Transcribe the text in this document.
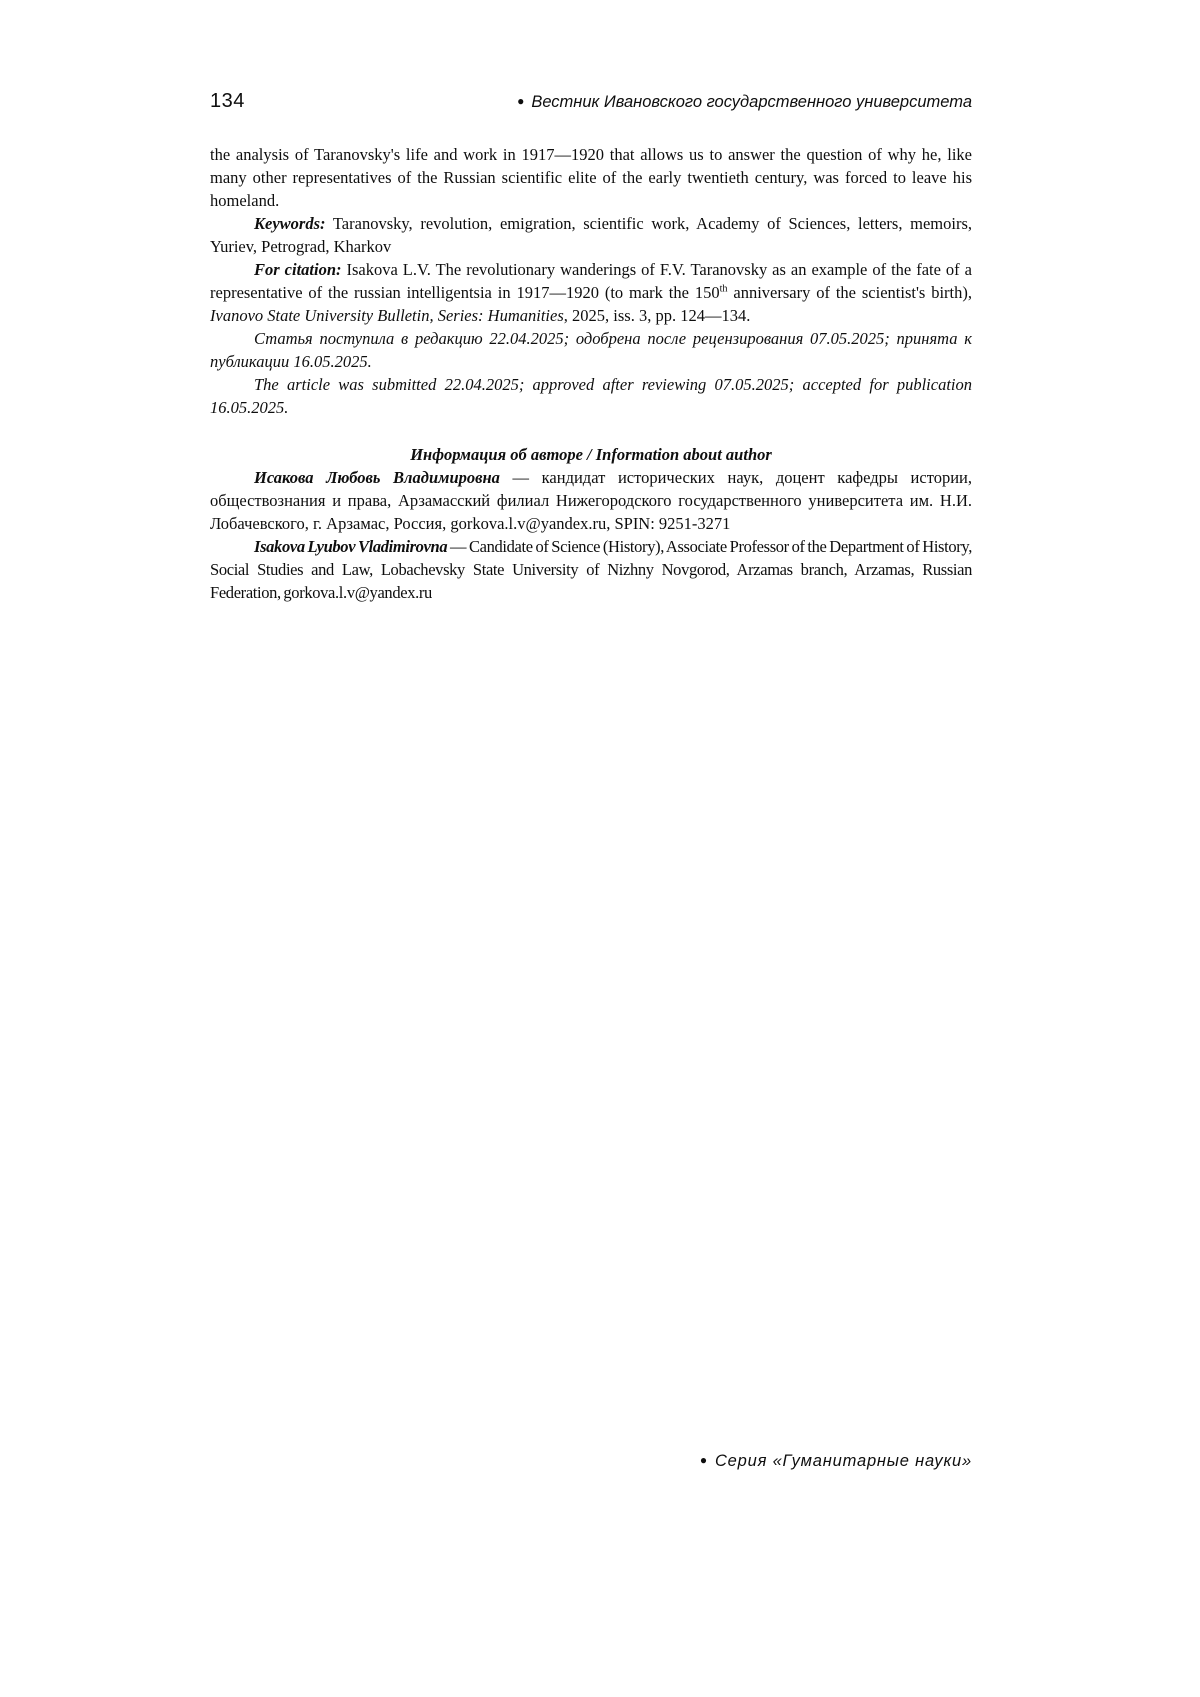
134	● Вестник Ивановского государственного университета

the analysis of Taranovsky's life and work in 1917—1920 that allows us to answer the question of why he, like many other representatives of the Russian scientific elite of the early twentieth century, was forced to leave his homeland.

Keywords: Taranovsky, revolution, emigration, scientific work, Academy of Sciences, letters, memoirs, Yuriev, Petrograd, Kharkov

For citation: Isakova L.V. The revolutionary wanderings of F.V. Taranovsky as an example of the fate of a representative of the russian intelligentsia in 1917—1920 (to mark the 150th anniversary of the scientist's birth), Ivanovo State University Bulletin, Series: Humanities, 2025, iss. 3, pp. 124—134.

Статья поступила в редакцию 22.04.2025; одобрена после рецензирования 07.05.2025; принята к публикации 16.05.2025.

The article was submitted 22.04.2025; approved after reviewing 07.05.2025; accepted for publication 16.05.2025.

Информация об авторе / Information about author

Исакова Любовь Владимировна — кандидат исторических наук, доцент кафедры истории, обществознания и права, Арзамасский филиал Нижегородского государственного университета им. Н.И. Лобачевского, г. Арзамас, Россия, gorkova.l.v@yandex.ru, SPIN: 9251-3271

Isakova Lyubov Vladimirovna — Candidate of Science (History), Associate Professor of the Department of History, Social Studies and Law, Lobachevsky State University of Nizhny Novgorod, Arzamas branch, Arzamas, Russian Federation, gorkova.l.v@yandex.ru

● Серия «Гуманитарные науки»
